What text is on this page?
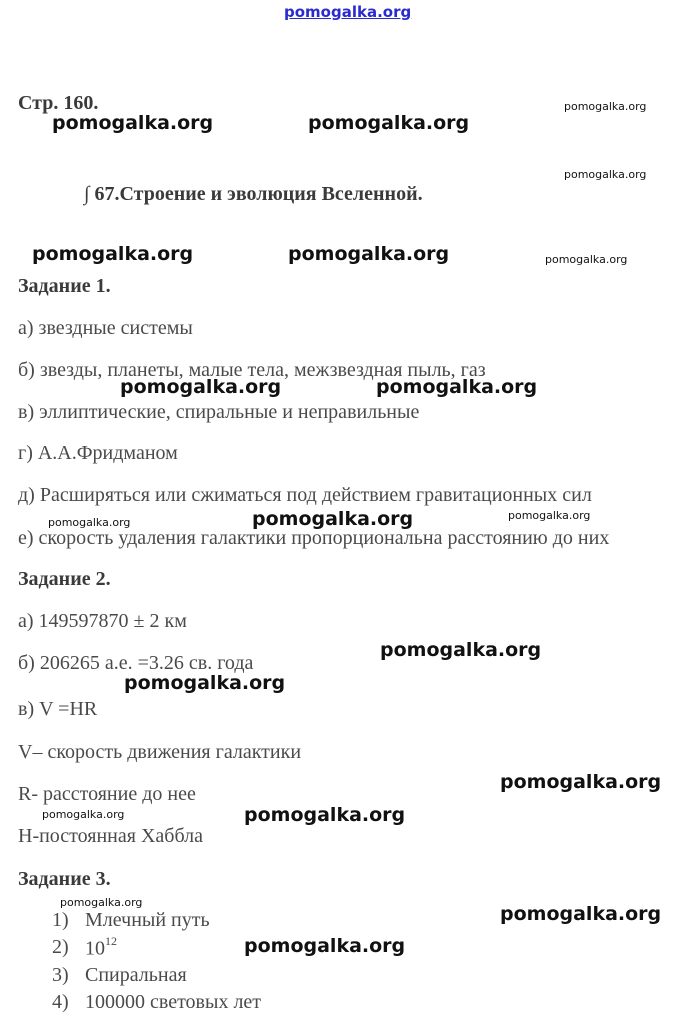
pomogalka.org
Стр. 160.
∫ 67.Строение и эволюция Вселенной.
Задание 1.
а) звездные системы
б) звезды, планеты, малые тела, межзвездная пыль, газ
в) эллиптические, спиральные и неправильные
г) А.А.Фридманом
д) Расширяться или сжиматься под действием гравитационных сил
е) скорость удаления галактики пропорциональна расстоянию до них
Задание 2.
а) 149597870 ± 2 км
б) 206265 а.е. =3.26 св. года
в) V =HR
V– скорость движения галактики
R- расстояние до нее
H-постоянная Хаббла
Задание 3.
1) Млечный путь
2) $10^{12}$
3) Спиральная
4) 100000 световых лет
pomogalka.org	pomogalka.org
pomogalka.org	pomogalka.org
pomogalka.org	pomogalka.org
pomogalka.org
pomogalka.org
pomogalka.org
pomogalka.org
pomogalka.org
pomogalka.org
pomogalka.org
pomogalka.org
pomogalka.org
pomogalka.org
pomogalka.org
pomogalka.org
pomogalka.org
pomogalka.org
